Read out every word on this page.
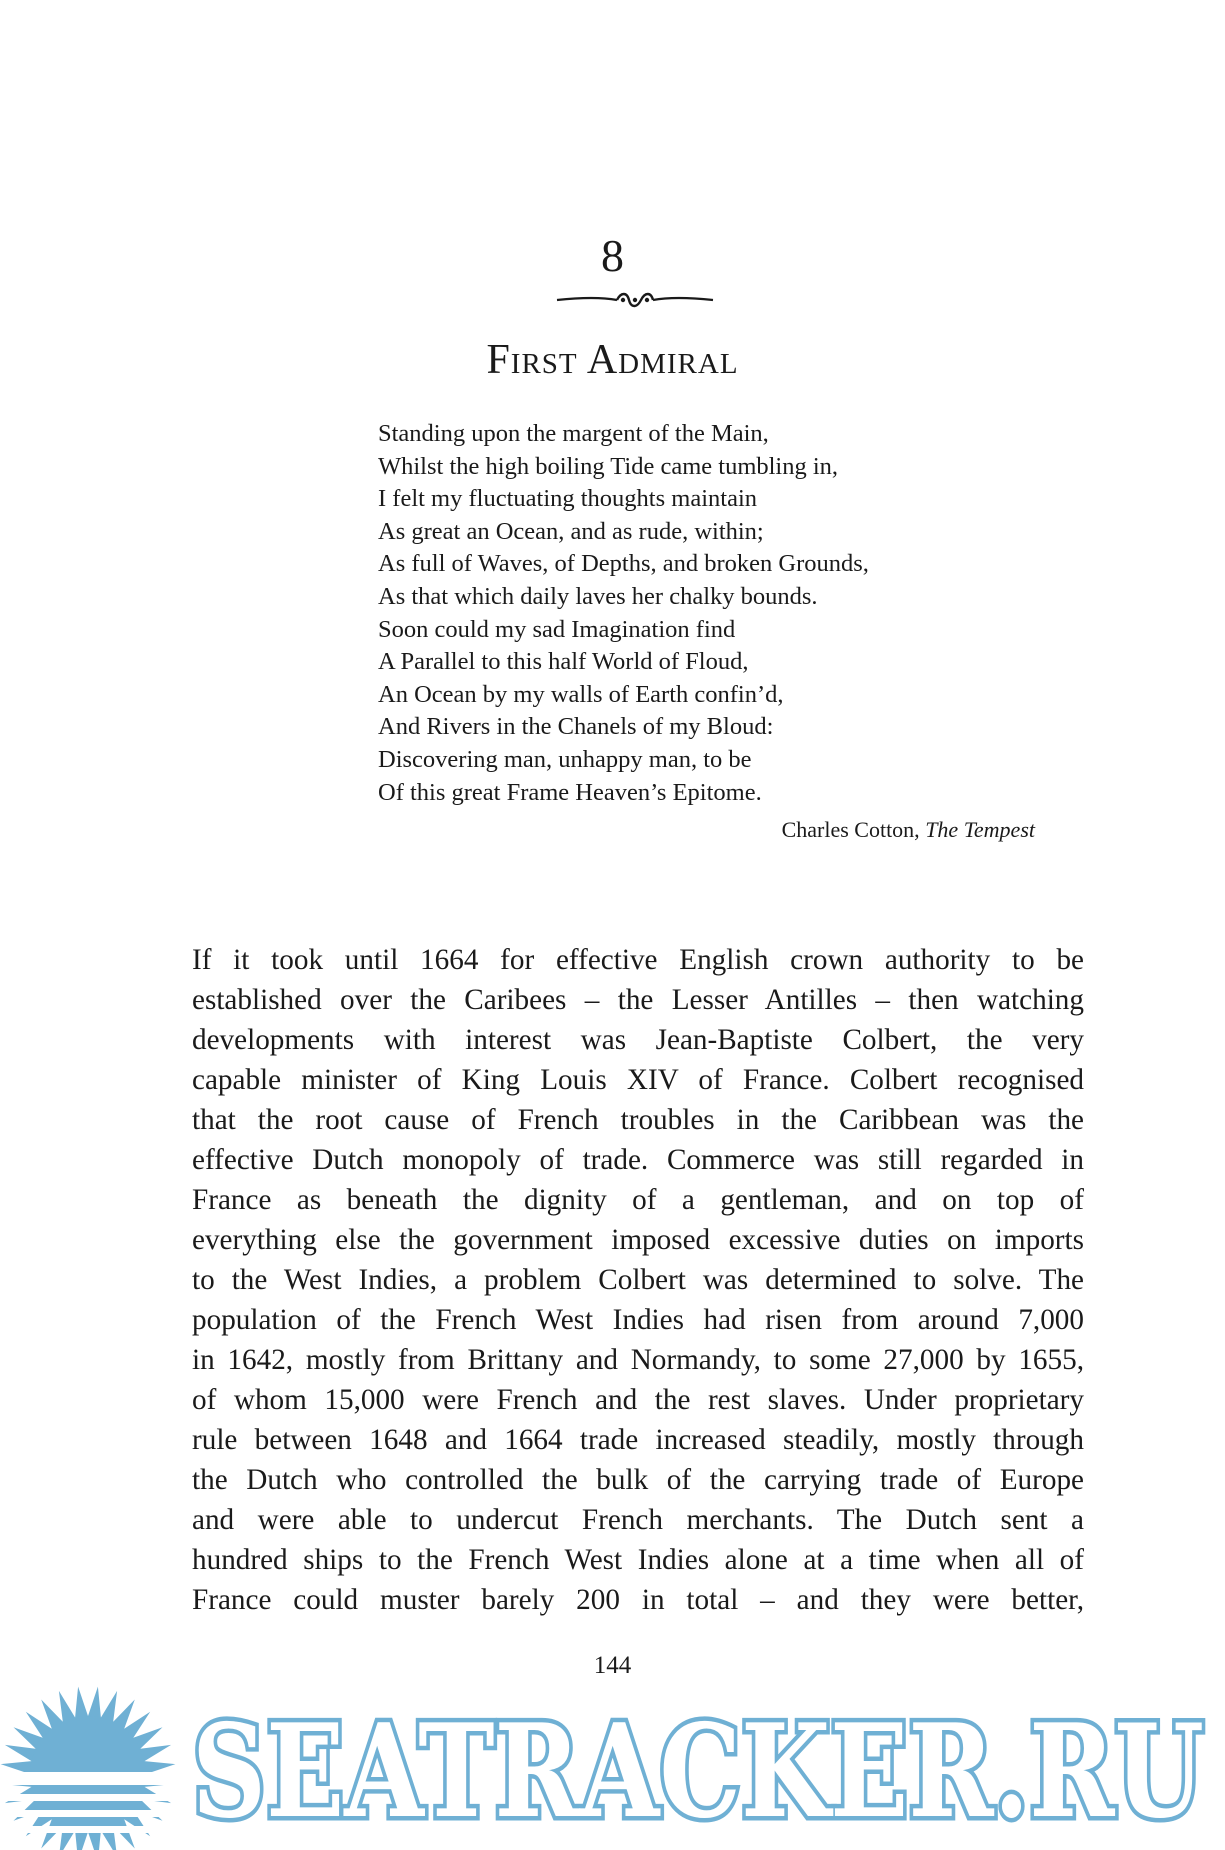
8
First Admiral
Standing upon the margent of the Main,
Whilst the high boiling Tide came tumbling in,
I felt my fluctuating thoughts maintain
As great an Ocean, and as rude, within;
As full of Waves, of Depths, and broken Grounds,
As that which daily laves her chalky bounds.
Soon could my sad Imagination find
A Parallel to this half World of Floud,
An Ocean by my walls of Earth confin’d,
And Rivers in the Chanels of my Bloud:
Discovering man, unhappy man, to be
Of this great Frame Heaven’s Epitome.
Charles Cotton, The Tempest
If it took until 1664 for effective English crown authority to be
established over the Caribees – the Lesser Antilles – then watching
developments with interest was Jean-Baptiste Colbert, the very
capable minister of King Louis XIV of France. Colbert recognised
that the root cause of French troubles in the Caribbean was the
effective Dutch monopoly of trade. Commerce was still regarded in
France as beneath the dignity of a gentleman, and on top of
everything else the government imposed excessive duties on imports
to the West Indies, a problem Colbert was determined to solve. The
population of the French West Indies had risen from around 7,000
in 1642, mostly from Brittany and Normandy, to some 27,000 by 1655,
of whom 15,000 were French and the rest slaves. Under proprietary
rule between 1648 and 1664 trade increased steadily, mostly through
the Dutch who controlled the bulk of the carrying trade of Europe
and were able to undercut French merchants. The Dutch sent a
hundred ships to the French West Indies alone at a time when all of
France could muster barely 200 in total – and they were better,
144
SEATRACKER.RU
